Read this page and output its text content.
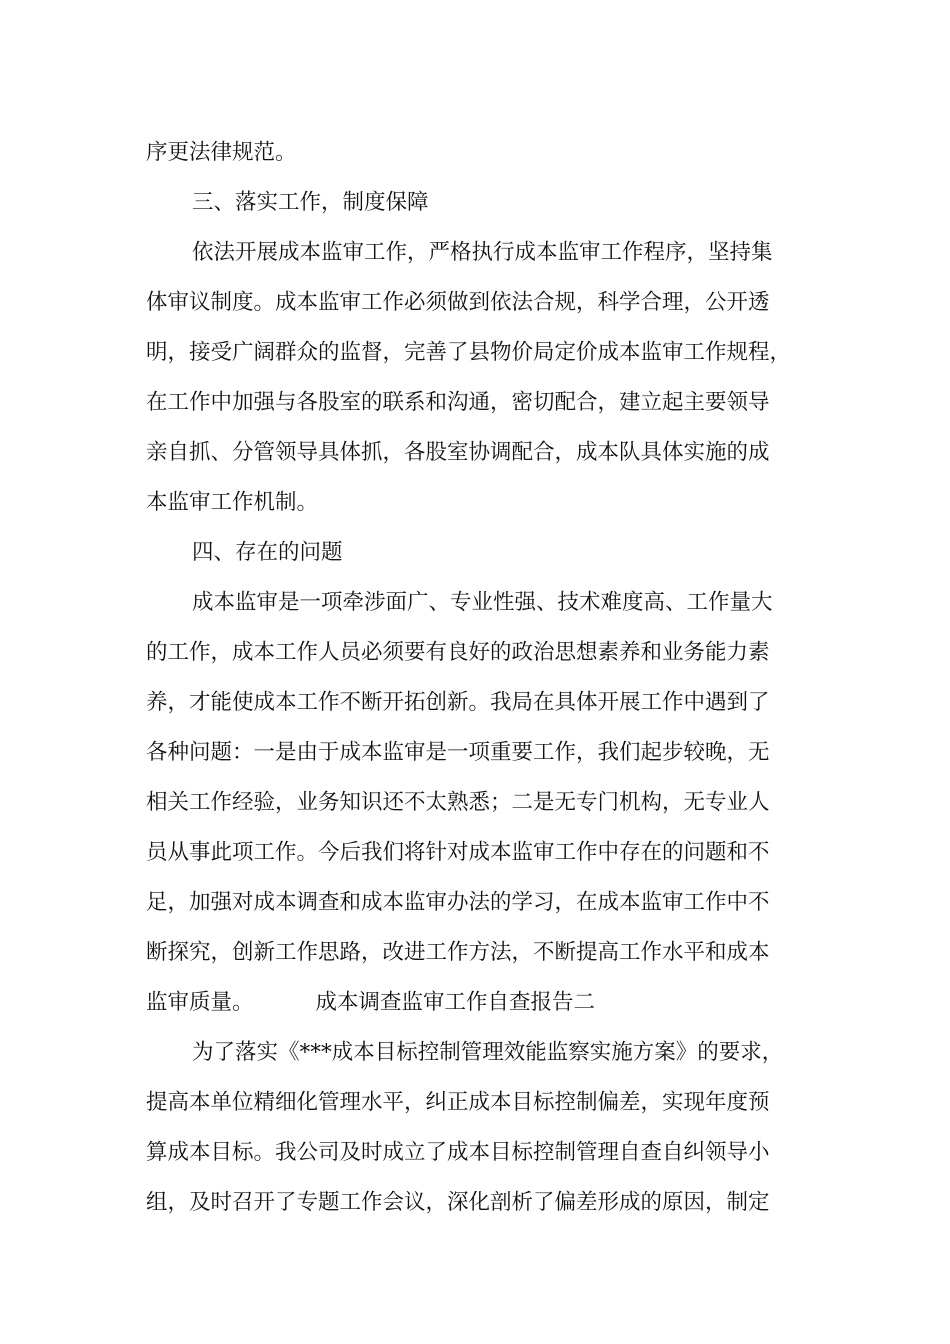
序更法律规范。

三、落实工作，制度保障

依法开展成本监审工作，严格执行成本监审工作程序，坚持集

体审议制度。成本监审工作必须做到依法合规，科学合理，公开透

明，接受广阔群众的监督，完善了县物价局定价成本监审工作规程，

在工作中加强与各股室的联系和沟通，密切配合，建立起主要领导

亲自抓、分管领导具体抓，各股室协调配合，成本队具体实施的成

本监审工作机制。

四、存在的问题

成本监审是一项牵涉面广、专业性强、技术难度高、工作量大

的工作，成本工作人员必须要有良好的政治思想素养和业务能力素

养，才能使成本工作不断开拓创新。我局在具体开展工作中遇到了

各种问题：一是由于成本监审是一项重要工作，我们起步较晚，无

相关工作经验，业务知识还不太熟悉；二是无专门机构，无专业人

员从事此项工作。今后我们将针对成本监审工作中存在的问题和不

足，加强对成本调查和成本监审办法的学习，在成本监审工作中不

断探究，创新工作思路，改进工作方法，不断提高工作水平和成本

监审质量。	成本调查监审工作自查报告二

为了落实《***成本目标控制管理效能监察实施方案》的要求，

提高本单位精细化管理水平，纠正成本目标控制偏差，实现年度预

算成本目标。我公司及时成立了成本目标控制管理自查自纠领导小

组，及时召开了专题工作会议，深化剖析了偏差形成的原因，制定
